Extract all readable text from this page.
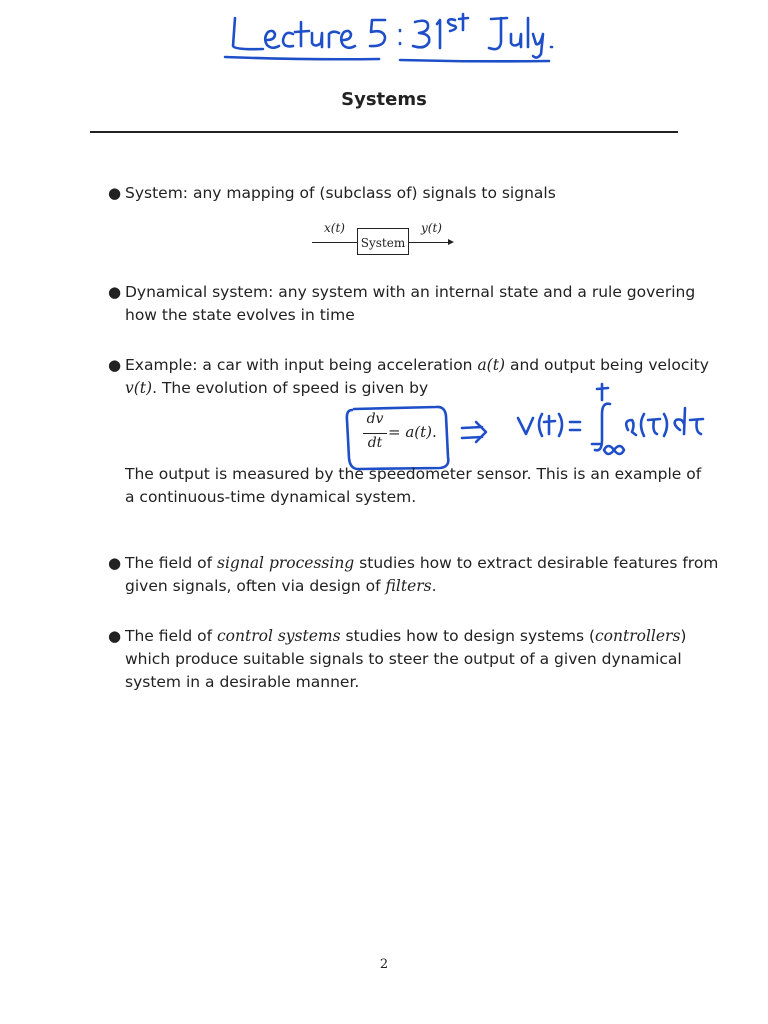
Systems
● System: any mapping of (subclass of) signals to signals
x(t)
System
y(t)
● Dynamical system: any system with an internal state and a rule govering
how the state evolves in time
● Example: a car with input being acceleration a(t) and output being velocity
v(t). The evolution of speed is given by
dv
dt
= a(t).
The output is measured by the speedometer sensor. This is an example of
a continuous-time dynamical system.
● The field of signal processing studies how to extract desirable features from
given signals, often via design of filters.
● The field of control systems studies how to design systems (controllers)
which produce suitable signals to steer the output of a given dynamical
system in a desirable manner.
2
